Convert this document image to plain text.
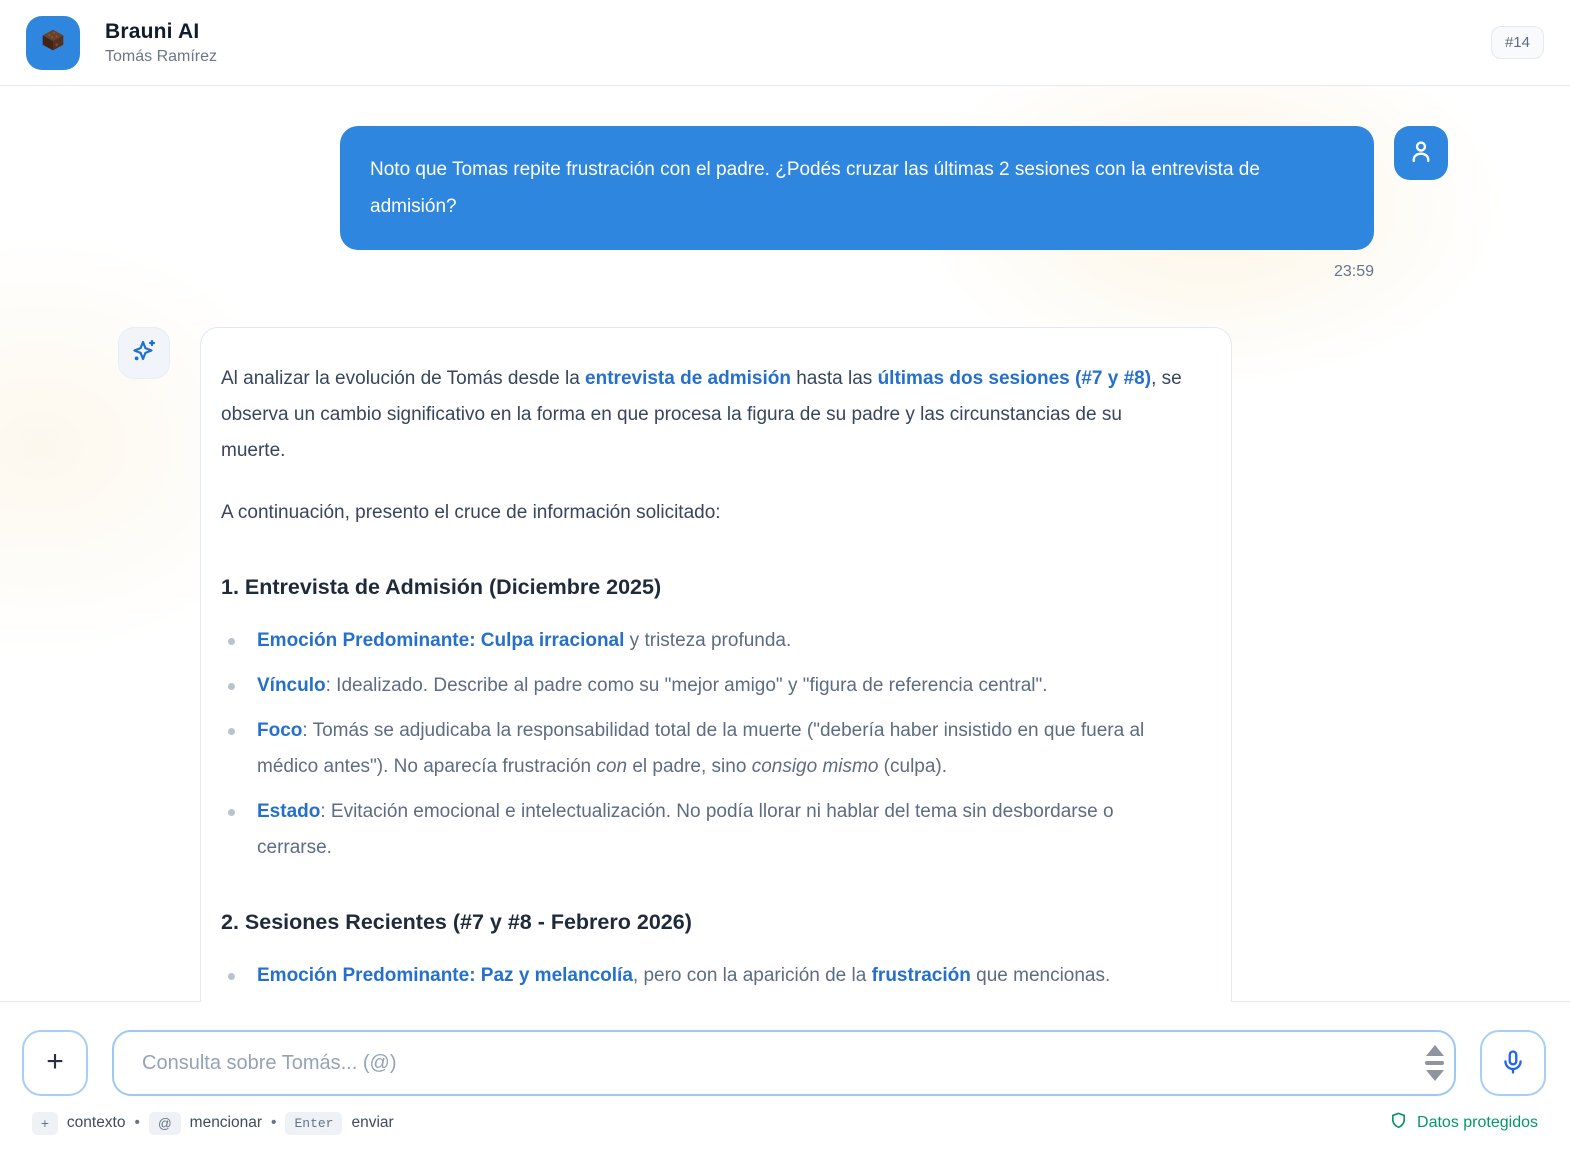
Brauni AI
Tomás Ramírez
#14
Noto que Tomas repite frustración con el padre. ¿Podés cruzar las últimas 2 sesiones con la entrevista de admisión?
23:59

Al analizar la evolución de Tomás desde la entrevista de admisión hasta las últimas dos sesiones (#7 y #8), se observa un cambio significativo en la forma en que procesa la figura de su padre y las circunstancias de su muerte.

A continuación, presento el cruce de información solicitado:

1. Entrevista de Admisión (Diciembre 2025)
Emoción Predominante: Culpa irracional y tristeza profunda.
Vínculo: Idealizado. Describe al padre como su "mejor amigo" y "figura de referencia central".
Foco: Tomás se adjudicaba la responsabilidad total de la muerte ("debería haber insistido en que fuera al médico antes"). No aparecía frustración con el padre, sino consigo mismo (culpa).
Estado: Evitación emocional e intelectualización. No podía llorar ni hablar del tema sin desbordarse o cerrarse.
2. Sesiones Recientes (#7 y #8 - Febrero 2026)
Emoción Predominante: Paz y melancolía, pero con la aparición de la frustración que mencionas.
+
Consulta sobre Tomás... (@)
+	contexto •	@	mencionar •	Enter	enviar	Datos protegidos
